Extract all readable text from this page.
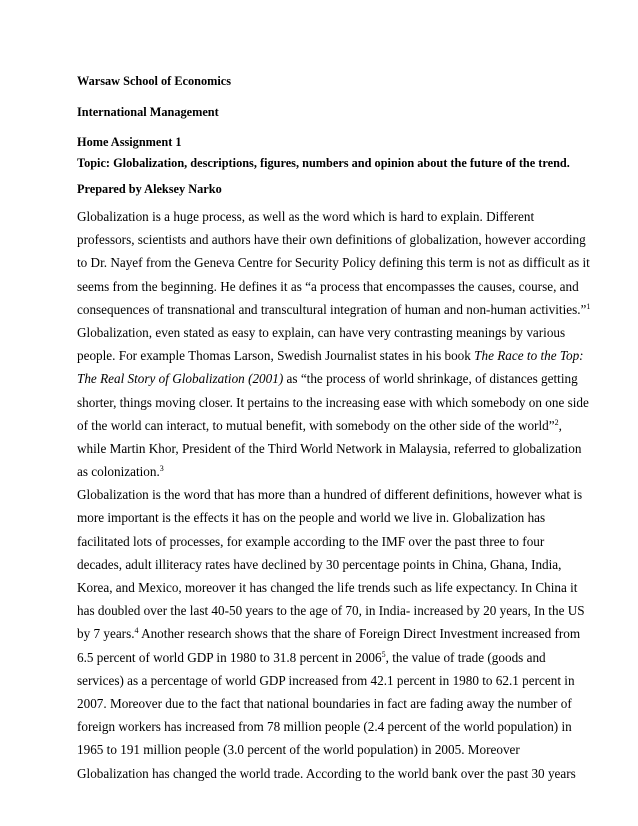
Warsaw School of Economics
International Management
Home Assignment 1
Topic: Globalization, descriptions, figures, numbers and opinion about the future of the trend.
Prepared by Aleksey Narko
Globalization is a huge process, as well as the word which is hard to explain. Different
professors, scientists and authors have their own definitions of globalization, however according
to Dr. Nayef from the Geneva Centre for Security Policy defining this term is not as difficult as it
seems from the beginning. He defines it as “a process that encompasses the causes, course, and
consequences of transnational and transcultural integration of human and non-human activities.”$^1$
Globalization, even stated as easy to explain, can have very contrasting meanings by various
people. For example Thomas Larson, Swedish Journalist states in his book The Race to the Top:
The Real Story of Globalization (2001) as “the process of world shrinkage, of distances getting
shorter, things moving closer. It pertains to the increasing ease with which somebody on one side
of the world can interact, to mutual benefit, with somebody on the other side of the world”$^2$,
while Martin Khor, President of the Third World Network in Malaysia, referred to globalization
as colonization.$^3$
Globalization is the word that has more than a hundred of different definitions, however what is
more important is the effects it has on the people and world we live in. Globalization has
facilitated lots of processes, for example according to the IMF over the past three to four
decades, adult illiteracy rates have declined by 30 percentage points in China, Ghana, India,
Korea, and Mexico, moreover it has changed the life trends such as life expectancy. In China it
has doubled over the last 40-50 years to the age of 70, in India- increased by 20 years, In the US
by 7 years.$^4$ Another research shows that the share of Foreign Direct Investment increased from
6.5 percent of world GDP in 1980 to 31.8 percent in 2006$^5$, the value of trade (goods and
services) as a percentage of world GDP increased from 42.1 percent in 1980 to 62.1 percent in
2007. Moreover due to the fact that national boundaries in fact are fading away the number of
foreign workers has increased from 78 million people (2.4 percent of the world population) in
1965 to 191 million people (3.0 percent of the world population) in 2005. Moreover
Globalization has changed the world trade. According to the world bank over the past 30 years
